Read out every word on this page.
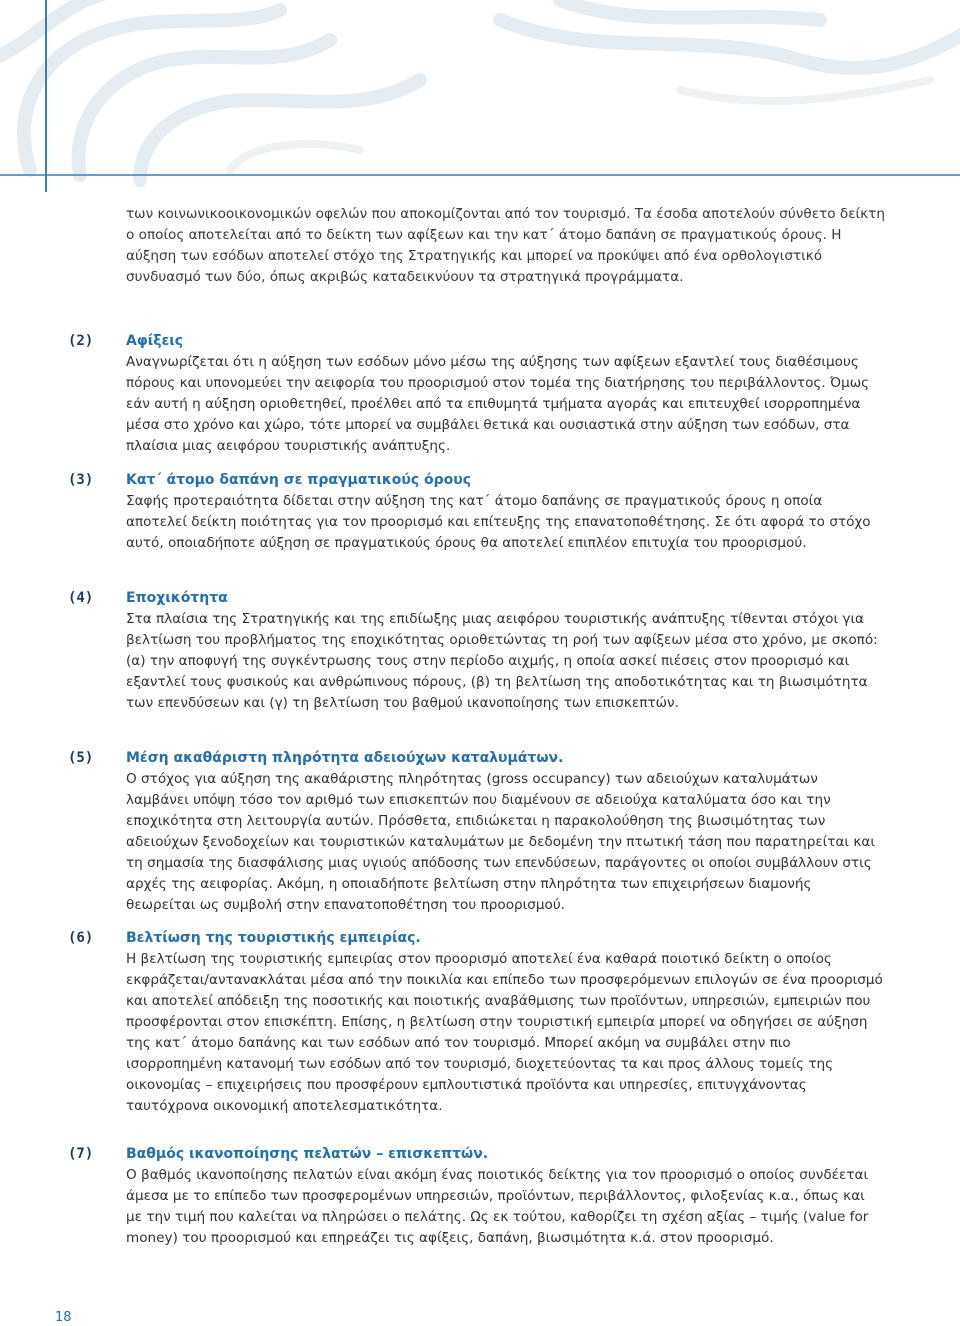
των κοινωνικοοικονομικών οφελών που αποκομίζονται από τον τουρισμό. Τα έσοδα αποτελούν σύνθετο δείκτη ο οποίος αποτελείται από το δείκτη των αφίξεων και την κατ΄ άτομο δαπάνη σε πραγματικούς όρους. Η αύξηση των εσόδων αποτελεί στόχο της Στρατηγικής και μπορεί να προκύψει από ένα ορθολογιστικό συνδυασμό των δύο, όπως ακριβώς καταδεικνύουν τα στρατηγικά προγράμματα.

(2) Αφίξεις

Αναγνωρίζεται ότι η αύξηση των εσόδων μόνο μέσω της αύξησης των αφίξεων εξαντλεί τους διαθέσιμους πόρους και υπονομεύει την αειφορία του προορισμού στον τομέα της διατήρησης του περιβάλλοντος. Όμως εάν αυτή η αύξηση οριοθετηθεί, προέλθει από τα επιθυμητά τμήματα αγοράς και επιτευχθεί ισορροπημένα μέσα στο χρόνο και χώρο, τότε μπορεί να συμβάλει θετικά και ουσιαστικά στην αύξηση των εσόδων, στα πλαίσια μιας αειφόρου τουριστικής ανάπτυξης.

(3) Κατ΄ άτομο δαπάνη σε πραγματικούς όρους

Σαφής προτεραιότητα δίδεται στην αύξηση της κατ΄ άτομο δαπάνης σε πραγματικούς όρους η οποία αποτελεί δείκτη ποιότητας για τον προορισμό και επίτευξης της επανατοποθέτησης. Σε ότι αφορά το στόχο αυτό, οποιαδήποτε αύξηση σε πραγματικούς όρους θα αποτελεί επιπλέον επιτυχία του προορισμού.

(4) Εποχικότητα

Στα πλαίσια της Στρατηγικής και της επιδίωξης μιας αειφόρου τουριστικής ανάπτυξης τίθενται στόχοι για βελτίωση του προβλήματος της εποχικότητας οριοθετώντας τη ροή των αφίξεων μέσα στο χρόνο, με σκοπό: (α) την αποφυγή της συγκέντρωσης τους στην περίοδο αιχμής, η οποία ασκεί πιέσεις στον προορισμό και εξαντλεί τους φυσικούς και ανθρώπινους πόρους, (β) τη βελτίωση της αποδοτικότητας και τη βιωσιμότητα των επενδύσεων και (γ) τη βελτίωση του βαθμού ικανοποίησης των επισκεπτών.

(5) Μέση ακαθάριστη πληρότητα αδειούχων καταλυμάτων.

Ο στόχος για αύξηση της ακαθάριστης πληρότητας (gross occupancy) των αδειούχων καταλυμάτων λαμβάνει υπόψη τόσο τον αριθμό των επισκεπτών που διαμένουν σε αδειούχα καταλύματα όσο και την εποχικότητα στη λειτουργία αυτών. Πρόσθετα, επιδιώκεται η παρακολούθηση της βιωσιμότητας των αδειούχων ξενοδοχείων και τουριστικών καταλυμάτων με δεδομένη την πτωτική τάση που παρατηρείται και τη σημασία της διασφάλισης μιας υγιούς απόδοσης των επενδύσεων, παράγοντες οι οποίοι συμβάλλουν στις αρχές της αειφορίας. Ακόμη, η οποιαδήποτε βελτίωση στην πληρότητα των επιχειρήσεων διαμονής θεωρείται ως συμβολή στην επανατοποθέτηση του προορισμού.

(6) Βελτίωση της τουριστικής εμπειρίας.

Η βελτίωση της τουριστικής εμπειρίας στον προορισμό αποτελεί ένα καθαρά ποιοτικό δείκτη ο οποίος εκφράζεται/αντανακλάται μέσα από την ποικιλία και επίπεδο των προσφερόμενων επιλογών σε ένα προορισμό και αποτελεί απόδειξη της ποσοτικής και ποιοτικής αναβάθμισης των προϊόντων, υπηρεσιών, εμπειριών που προσφέρονται στον επισκέπτη. Επίσης, η βελτίωση στην τουριστική εμπειρία μπορεί να οδηγήσει σε αύξηση της κατ΄ άτομο δαπάνης και των εσόδων από τον τουρισμό. Μπορεί ακόμη να συμβάλει στην πιο ισορροπημένη κατανομή των εσόδων από τον τουρισμό, διοχετεύοντας τα και προς άλλους τομείς της οικονομίας – επιχειρήσεις που προσφέρουν εμπλουτιστικά προϊόντα και υπηρεσίες, επιτυγχάνοντας ταυτόχρονα οικονομική αποτελεσματικότητα.

(7) Βαθμός ικανοποίησης πελατών – επισκεπτών.

Ο βαθμός ικανοποίησης πελατών είναι ακόμη ένας ποιοτικός δείκτης για τον προορισμό ο οποίος συνδέεται άμεσα με το επίπεδο των προσφερομένων υπηρεσιών, προϊόντων, περιβάλλοντος, φιλοξενίας κ.α., όπως και με την τιμή που καλείται να πληρώσει ο πελάτης. Ως εκ τούτου, καθορίζει τη σχέση αξίας – τιμής (value for money) του προορισμού και επηρεάζει τις αφίξεις, δαπάνη, βιωσιμότητα κ.ά. στον προορισμό.

18
